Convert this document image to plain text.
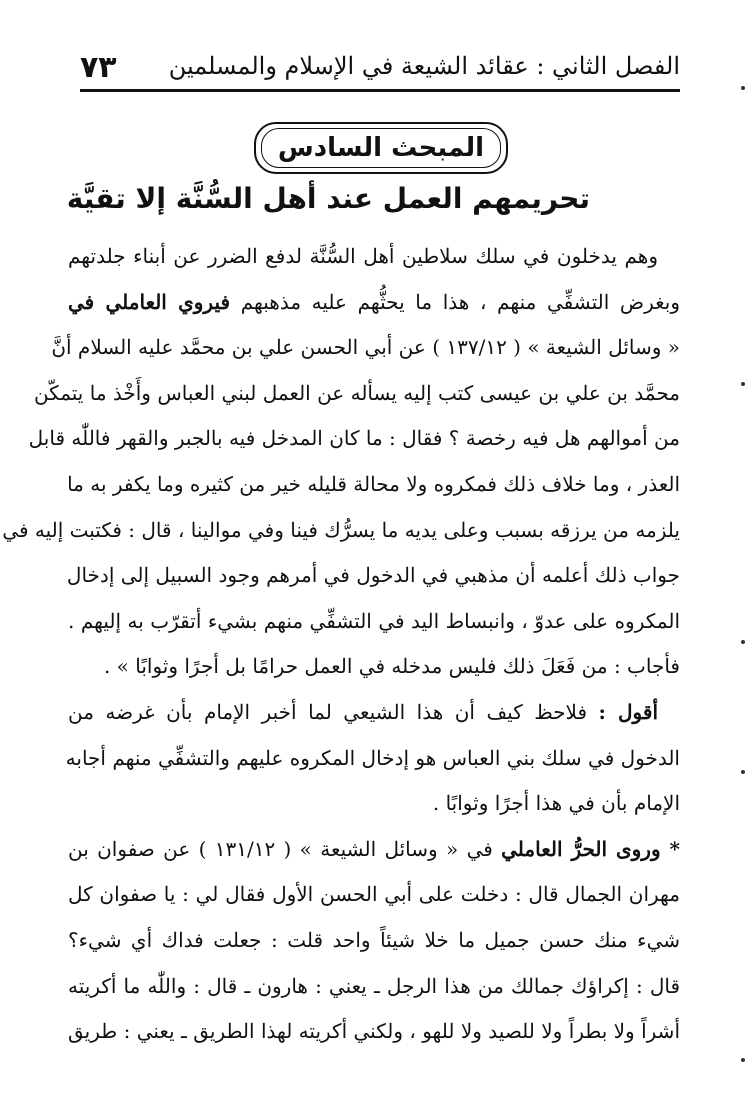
الفصل الثاني : عقائد الشيعة في الإسلام والمسلمين
٧٣
المبحث السادس
تحريمهم العمل عند أهل السُّنَّة إلا تقيَّة
وهم يدخلون في سلك سلاطين أهل السُّنَّة لدفع الضرر عن أبناء جلدتهم
وبغرض التشفِّي منهم ، هذا ما يحثُّهم عليه مذهبهم فيروي العاملي في
« وسائل الشيعة » ( ١٣٧/١٢ ) عن أبي الحسن علي بن محمَّد عليه السلام أنَّ
محمَّد بن علي بن عيسى كتب إليه يسأله عن العمل لبني العباس وأَخْذ ما يتمكّن
من أموالهم هل فيه رخصة ؟ فقال : ما كان المدخل فيه بالجبر والقهر فاللّٰه قابل
العذر ، وما خلاف ذلك فمكروه ولا محالة قليله خير من كثيره وما يكفر به ما
يلزمه من يرزقه بسبب وعلى يديه ما يسرُّك فينا وفي موالينا ، قال : فكتبت إليه في
جواب ذلك أعلمه أن مذهبي في الدخول في أمرهم وجود السبيل إلى إدخال
المكروه على عدوّ ، وانبساط اليد في التشفِّي منهم بشيء أتقرّب به إليهم .
فأجاب : من فَعَلَ ذلك فليس مدخله في العمل حرامًا بل أجرًا وثوابًا » .
أقول : فلاحظ كيف أن هذا الشيعي لما أخبر الإمام بأن غرضه من
الدخول في سلك بني العباس هو إدخال المكروه عليهم والتشفِّي منهم أجابه
الإمام بأن في هذا أجرًا وثوابًا .
* وروى الحرُّ العاملي في « وسائل الشيعة » ( ١٣١/١٢ ) عن صفوان بن
مهران الجمال قال : دخلت على أبي الحسن الأول فقال لي : يا صفوان كل
شيء منك حسن جميل ما خلا شيئاً واحد قلت : جعلت فداك أي شيء؟
قال : إكراؤك جمالك من هذا الرجل ـ يعني : هارون ـ قال : واللّٰه ما أكريته
أشراً ولا بطراً ولا للصيد ولا للهو ، ولكني أكريته لهذا الطريق ـ يعني : طريق
